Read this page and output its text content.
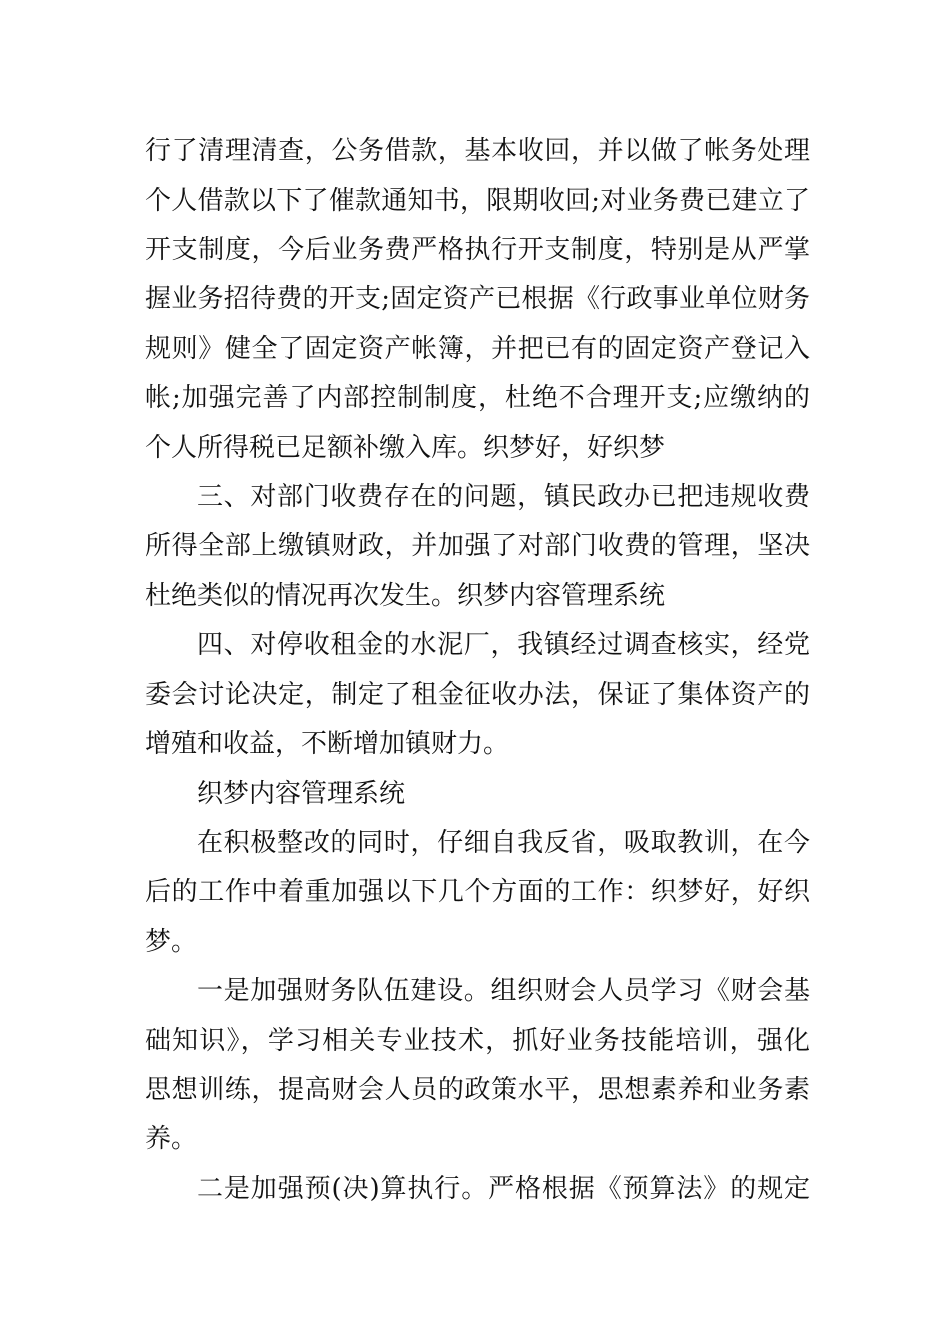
行了清理清查，公务借款，基本收回，并以做了帐务处理
个人借款以下了催款通知书，限期收回;对业务费已建立了
开支制度，今后业务费严格执行开支制度，特别是从严掌
握业务招待费的开支;固定资产已根据《行政事业单位财务
规则》健全了固定资产帐簿，并把已有的固定资产登记入
帐;加强完善了内部控制制度，杜绝不合理开支;应缴纳的
个人所得税已足额补缴入库。织梦好，好织梦
三、对部门收费存在的问题，镇民政办已把违规收费
所得全部上缴镇财政，并加强了对部门收费的管理，坚决
杜绝类似的情况再次发生。织梦内容管理系统
四、对停收租金的水泥厂，我镇经过调查核实，经党
委会讨论决定，制定了租金征收办法，保证了集体资产的
增殖和收益，不断增加镇财力。
织梦内容管理系统
在积极整改的同时，仔细自我反省，吸取教训，在今
后的工作中着重加强以下几个方面的工作：织梦好，好织
梦。
一是加强财务队伍建设。组织财会人员学习《财会基
础知识》，学习相关专业技术，抓好业务技能培训，强化
思想训练，提高财会人员的政策水平，思想素养和业务素
养。
二是加强预(决)算执行。严格根据《预算法》的规定
